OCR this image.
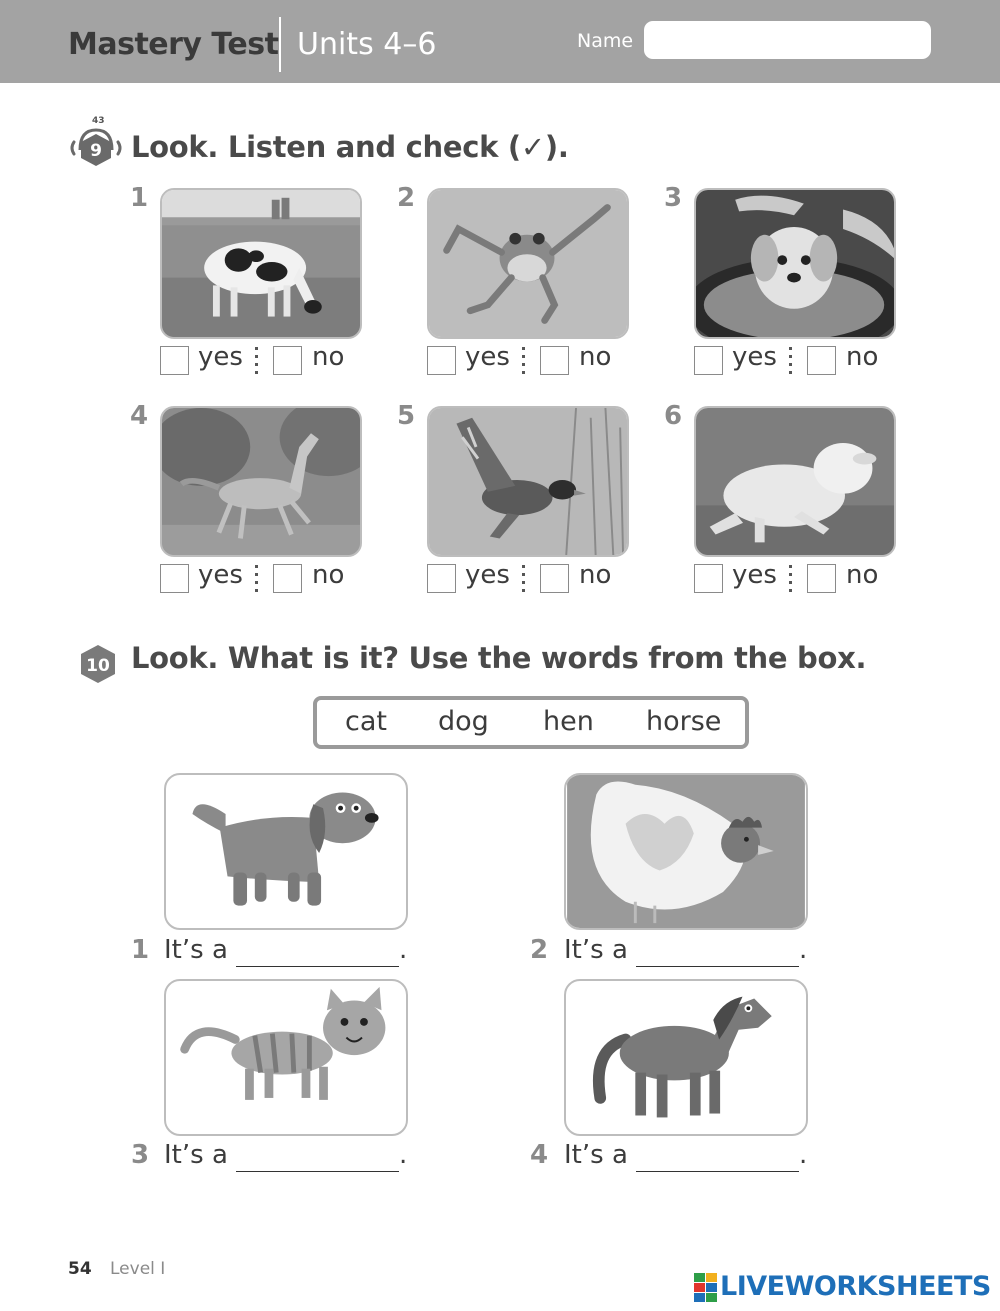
Mastery Test Units 4–6	Name
43
9 Look. Listen and check (✓).
1
yes	no
2
yes	no
3
yes	no
4
yes	no
5
yes	no
6
yes	no
10 Look. What is it? Use the words from the box.
cat dog hen horse
1 It’s a	.	2 It’s a	.
3 It’s a	.	4 It’s a	.
54 Level I
LIVEWORKSHEETS
